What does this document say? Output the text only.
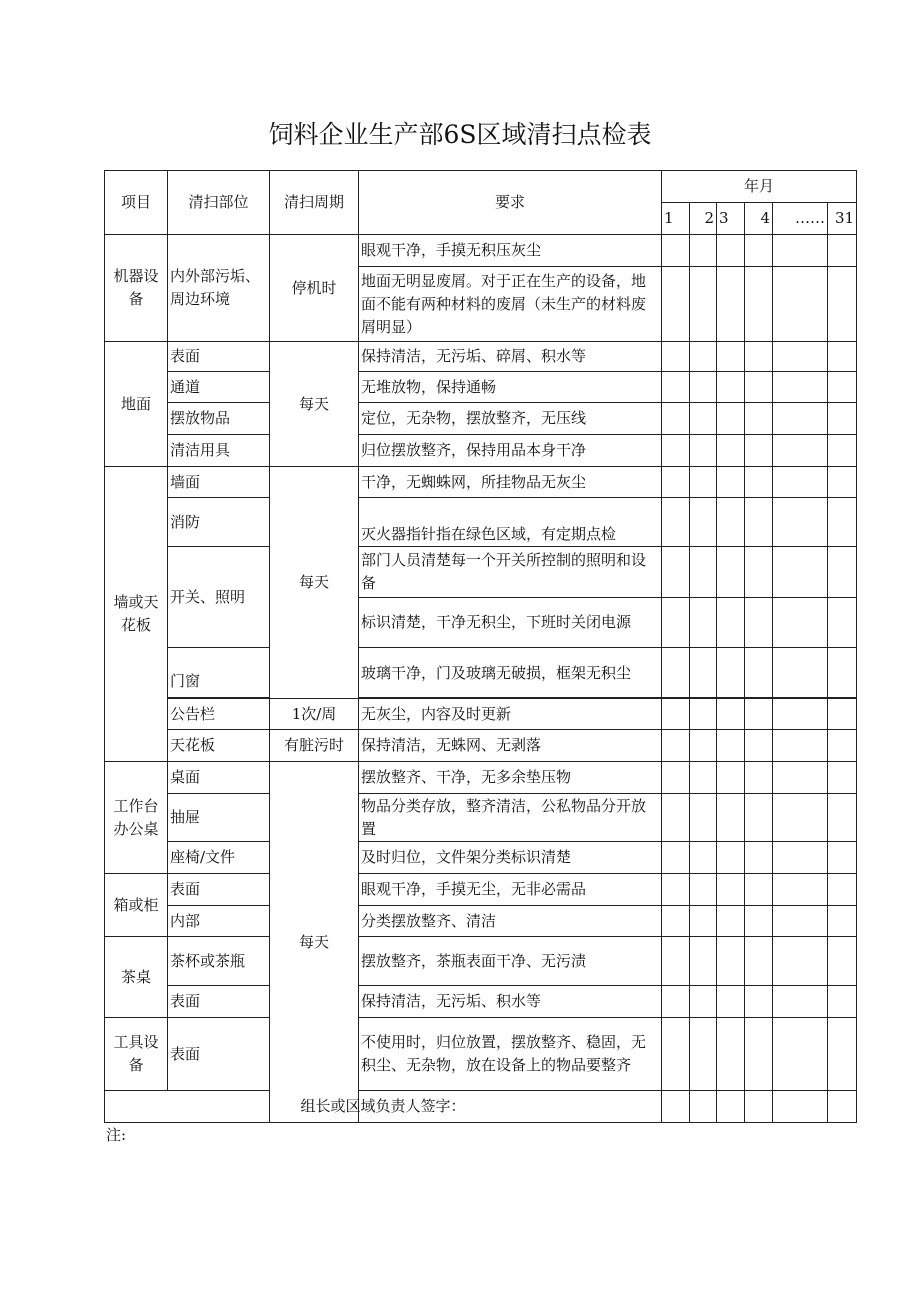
饲料企业生产部6S区域清扫点检表
项目	清扫部位	清扫周期	要求	年月					
				1	2	3	4	……	31
机器设备	内外部污垢、周边环境	停机时	眼观干净，手摸无积压灰尘						
			地面无明显废屑。对于正在生产的设备，地面不能有两种材料的废屑（未生产的材料废屑明显）						
地面	表面	每天	保持清洁，无污垢、碎屑、积水等						
	通道		无堆放物，保持通畅						
	摆放物品		定位，无杂物，摆放整齐，无压线						
	清洁用具		归位摆放整齐，保持用品本身干净						
墙或天花板	墙面	每天	干净，无蜘蛛网，所挂物品无灰尘						
	消防		灭火器指针指在绿色区域，有定期点检						
	开关、照明		部门人员清楚每一个开关所控制的照明和设备						
			标识清楚，干净无积尘，下班时关闭电源						
	门窗		玻璃干净，门及玻璃无破损，框架无积尘						

	公告栏	1次/周	无灰尘，内容及时更新						
	天花板	有脏污时	保持清洁，无蛛网、无剥落						
工作台办公桌	桌面	每天	摆放整齐、干净，无多余垫压物						
	抽屉		物品分类存放，整齐清洁，公私物品分开放置						
	座椅/文件		及时归位，文件架分类标识清楚						
箱或柜	表面		眼观干净，手摸无尘，无非必需品						
	内部		分类摆放整齐、清洁						
茶桌	茶杯或茶瓶		摆放整齐，茶瓶表面干净、无污渍						
	表面		保持清洁，无污垢、积水等						
工具设备	表面		不使用时，归位放置，摆放整齐、稳固，无积尘、无杂物，放在设备上的物品要整齐						
组长或区域负责人签字：									
注:
